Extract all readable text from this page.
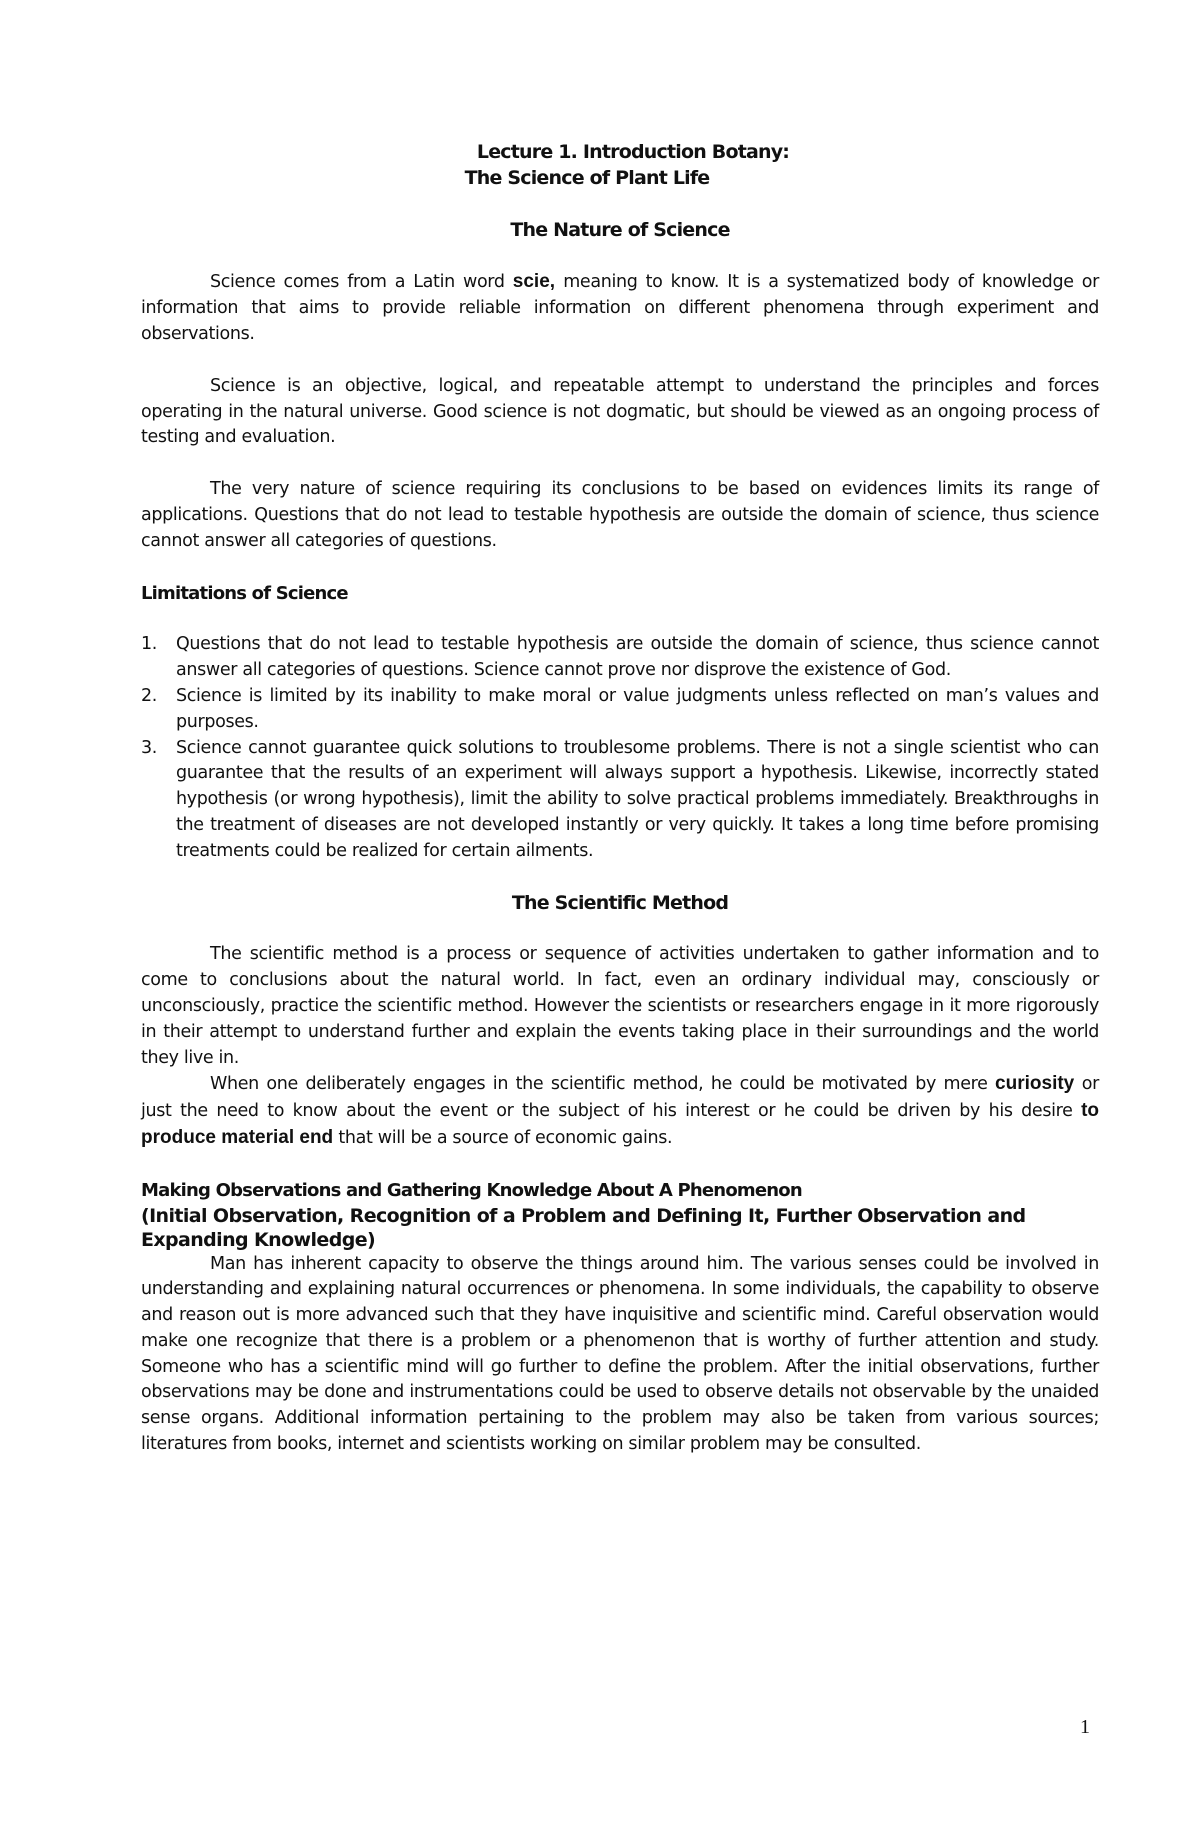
Lecture 1. Introduction Botany:
The Science of Plant Life
The Nature of Science

Science comes from a Latin word scie, meaning to know. It is a systematized body of knowledge or information that aims to provide reliable information on different phenomena through experiment and observations.

Science is an objective, logical, and repeatable attempt to understand the principles and forces operating in the natural universe. Good science is not dogmatic, but should be viewed as an ongoing process of testing and evaluation.

The very nature of science requiring its conclusions to be based on evidences limits its range of applications. Questions that do not lead to testable hypothesis are outside the domain of science, thus science cannot answer all categories of questions.

Limitations of Science
1. Questions that do not lead to testable hypothesis are outside the domain of science, thus science cannot answer all categories of questions. Science cannot prove nor disprove the existence of God.
2. Science is limited by its inability to make moral or value judgments unless reflected on man’s values and purposes.
3. Science cannot guarantee quick solutions to troublesome problems. There is not a single scientist who can guarantee that the results of an experiment will always support a hypothesis. Likewise, incorrectly stated hypothesis (or wrong hypothesis), limit the ability to solve practical problems immediately. Breakthroughs in the treatment of diseases are not developed instantly or very quickly. It takes a long time before promising treatments could be realized for certain ailments.
The Scientific Method

The scientific method is a process or sequence of activities undertaken to gather information and to come to conclusions about the natural world. In fact, even an ordinary individual may, consciously or unconsciously, practice the scientific method. However the scientists or researchers engage in it more rigorously in their attempt to understand further and explain the events taking place in their surroundings and the world they live in.

When one deliberately engages in the scientific method, he could be motivated by mere curiosity or just the need to know about the event or the subject of his interest or he could be driven by his desire to produce material end that will be a source of economic gains.

Making Observations and Gathering Knowledge About A Phenomenon
(Initial Observation, Recognition of a Problem and Defining It, Further Observation and Expanding Knowledge)

Man has inherent capacity to observe the things around him. The various senses could be involved in understanding and explaining natural occurrences or phenomena. In some individuals, the capability to observe and reason out is more advanced such that they have inquisitive and scientific mind. Careful observation would make one recognize that there is a problem or a phenomenon that is worthy of further attention and study. Someone who has a scientific mind will go further to define the problem. After the initial observations, further observations may be done and instrumentations could be used to observe details not observable by the unaided sense organs. Additional information pertaining to the problem may also be taken from various sources; literatures from books, internet and scientists working on similar problem may be consulted.

1
